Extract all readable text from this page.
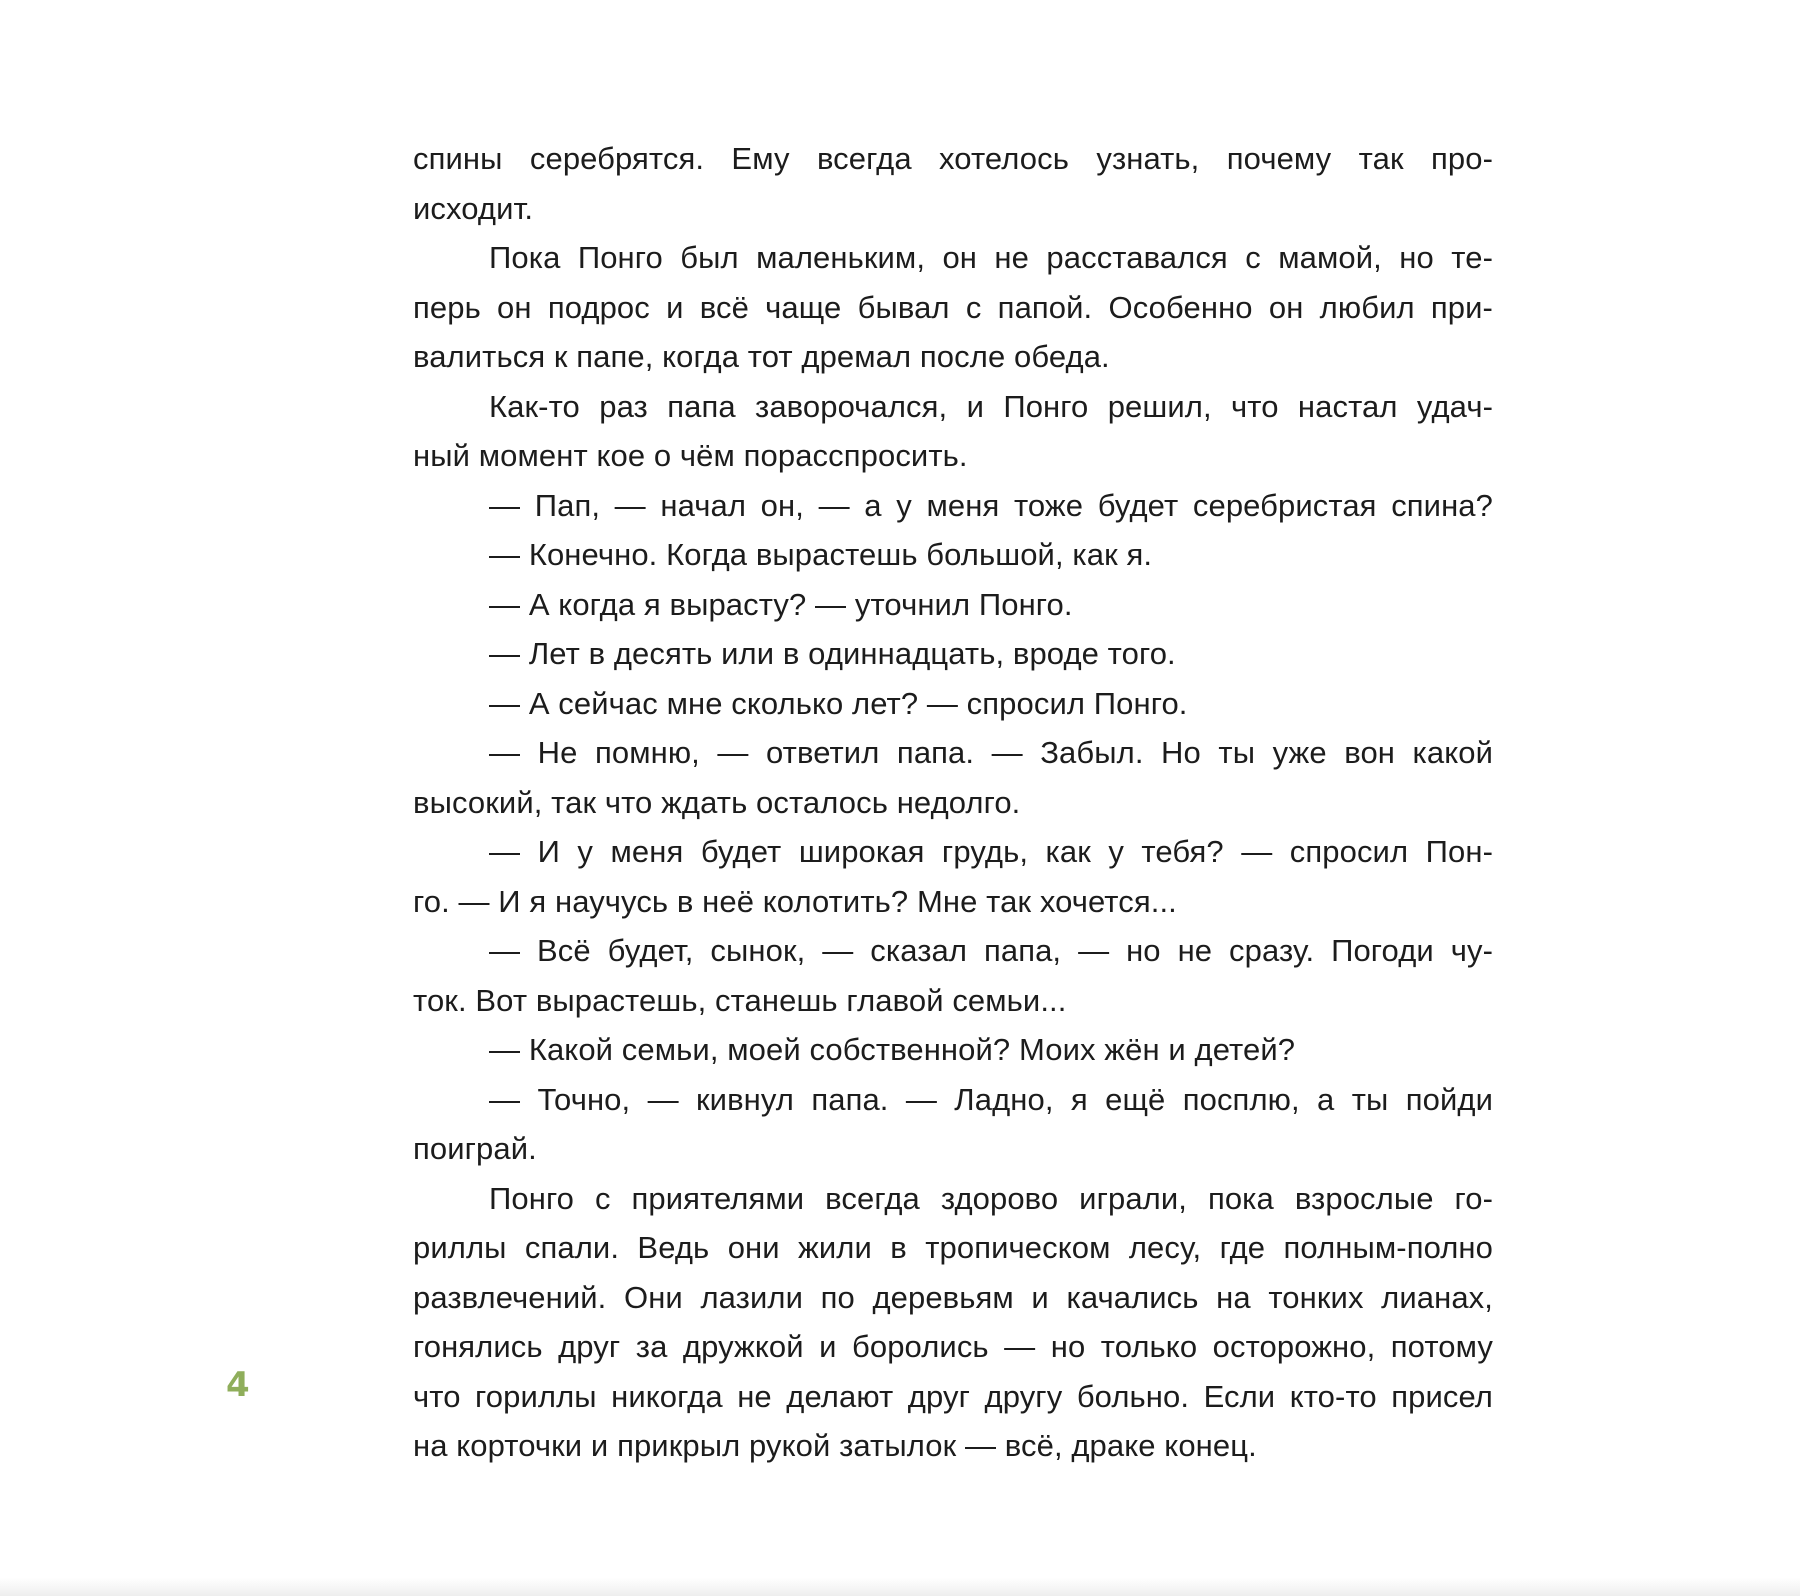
спины серебрятся. Ему всегда хотелось узнать, почему так про-
исходит.
Пока Понго был маленьким, он не расставался с мамой, но те-
перь он подрос и всё чаще бывал с папой. Особенно он любил при-
валиться к папе, когда тот дремал после обеда.
Как-то раз папа заворочался, и Понго решил, что настал удач-
ный момент кое о чём порасспросить.
— Пап, — начал он, — а у меня тоже будет серебристая спина?
— Конечно. Когда вырастешь большой, как я.
— А когда я вырасту? — уточнил Понго.
— Лет в десять или в одиннадцать, вроде того.
— А сейчас мне сколько лет? — спросил Понго.
— Не помню, — ответил папа. — Забыл. Но ты уже вон какой
высокий, так что ждать осталось недолго.
— И у меня будет широкая грудь, как у тебя? — спросил Пон-
го. — И я научусь в неё колотить? Мне так хочется...
— Всё будет, сынок, — сказал папа, — но не сразу. Погоди чу-
ток. Вот вырастешь, станешь главой семьи...
— Какой семьи, моей собственной? Моих жён и детей?
— Точно, — кивнул папа. — Ладно, я ещё посплю, а ты пойди
поиграй.
Понго с приятелями всегда здорово играли, пока взрослые го-
риллы спали. Ведь они жили в тропическом лесу, где полным-полно
развлечений. Они лазили по деревьям и качались на тонких лианах,
гонялись друг за дружкой и боролись — но только осторожно, потому
что гориллы никогда не делают друг другу больно. Если кто-то присел
на корточки и прикрыл рукой затылок — всё, драке конец.
4
